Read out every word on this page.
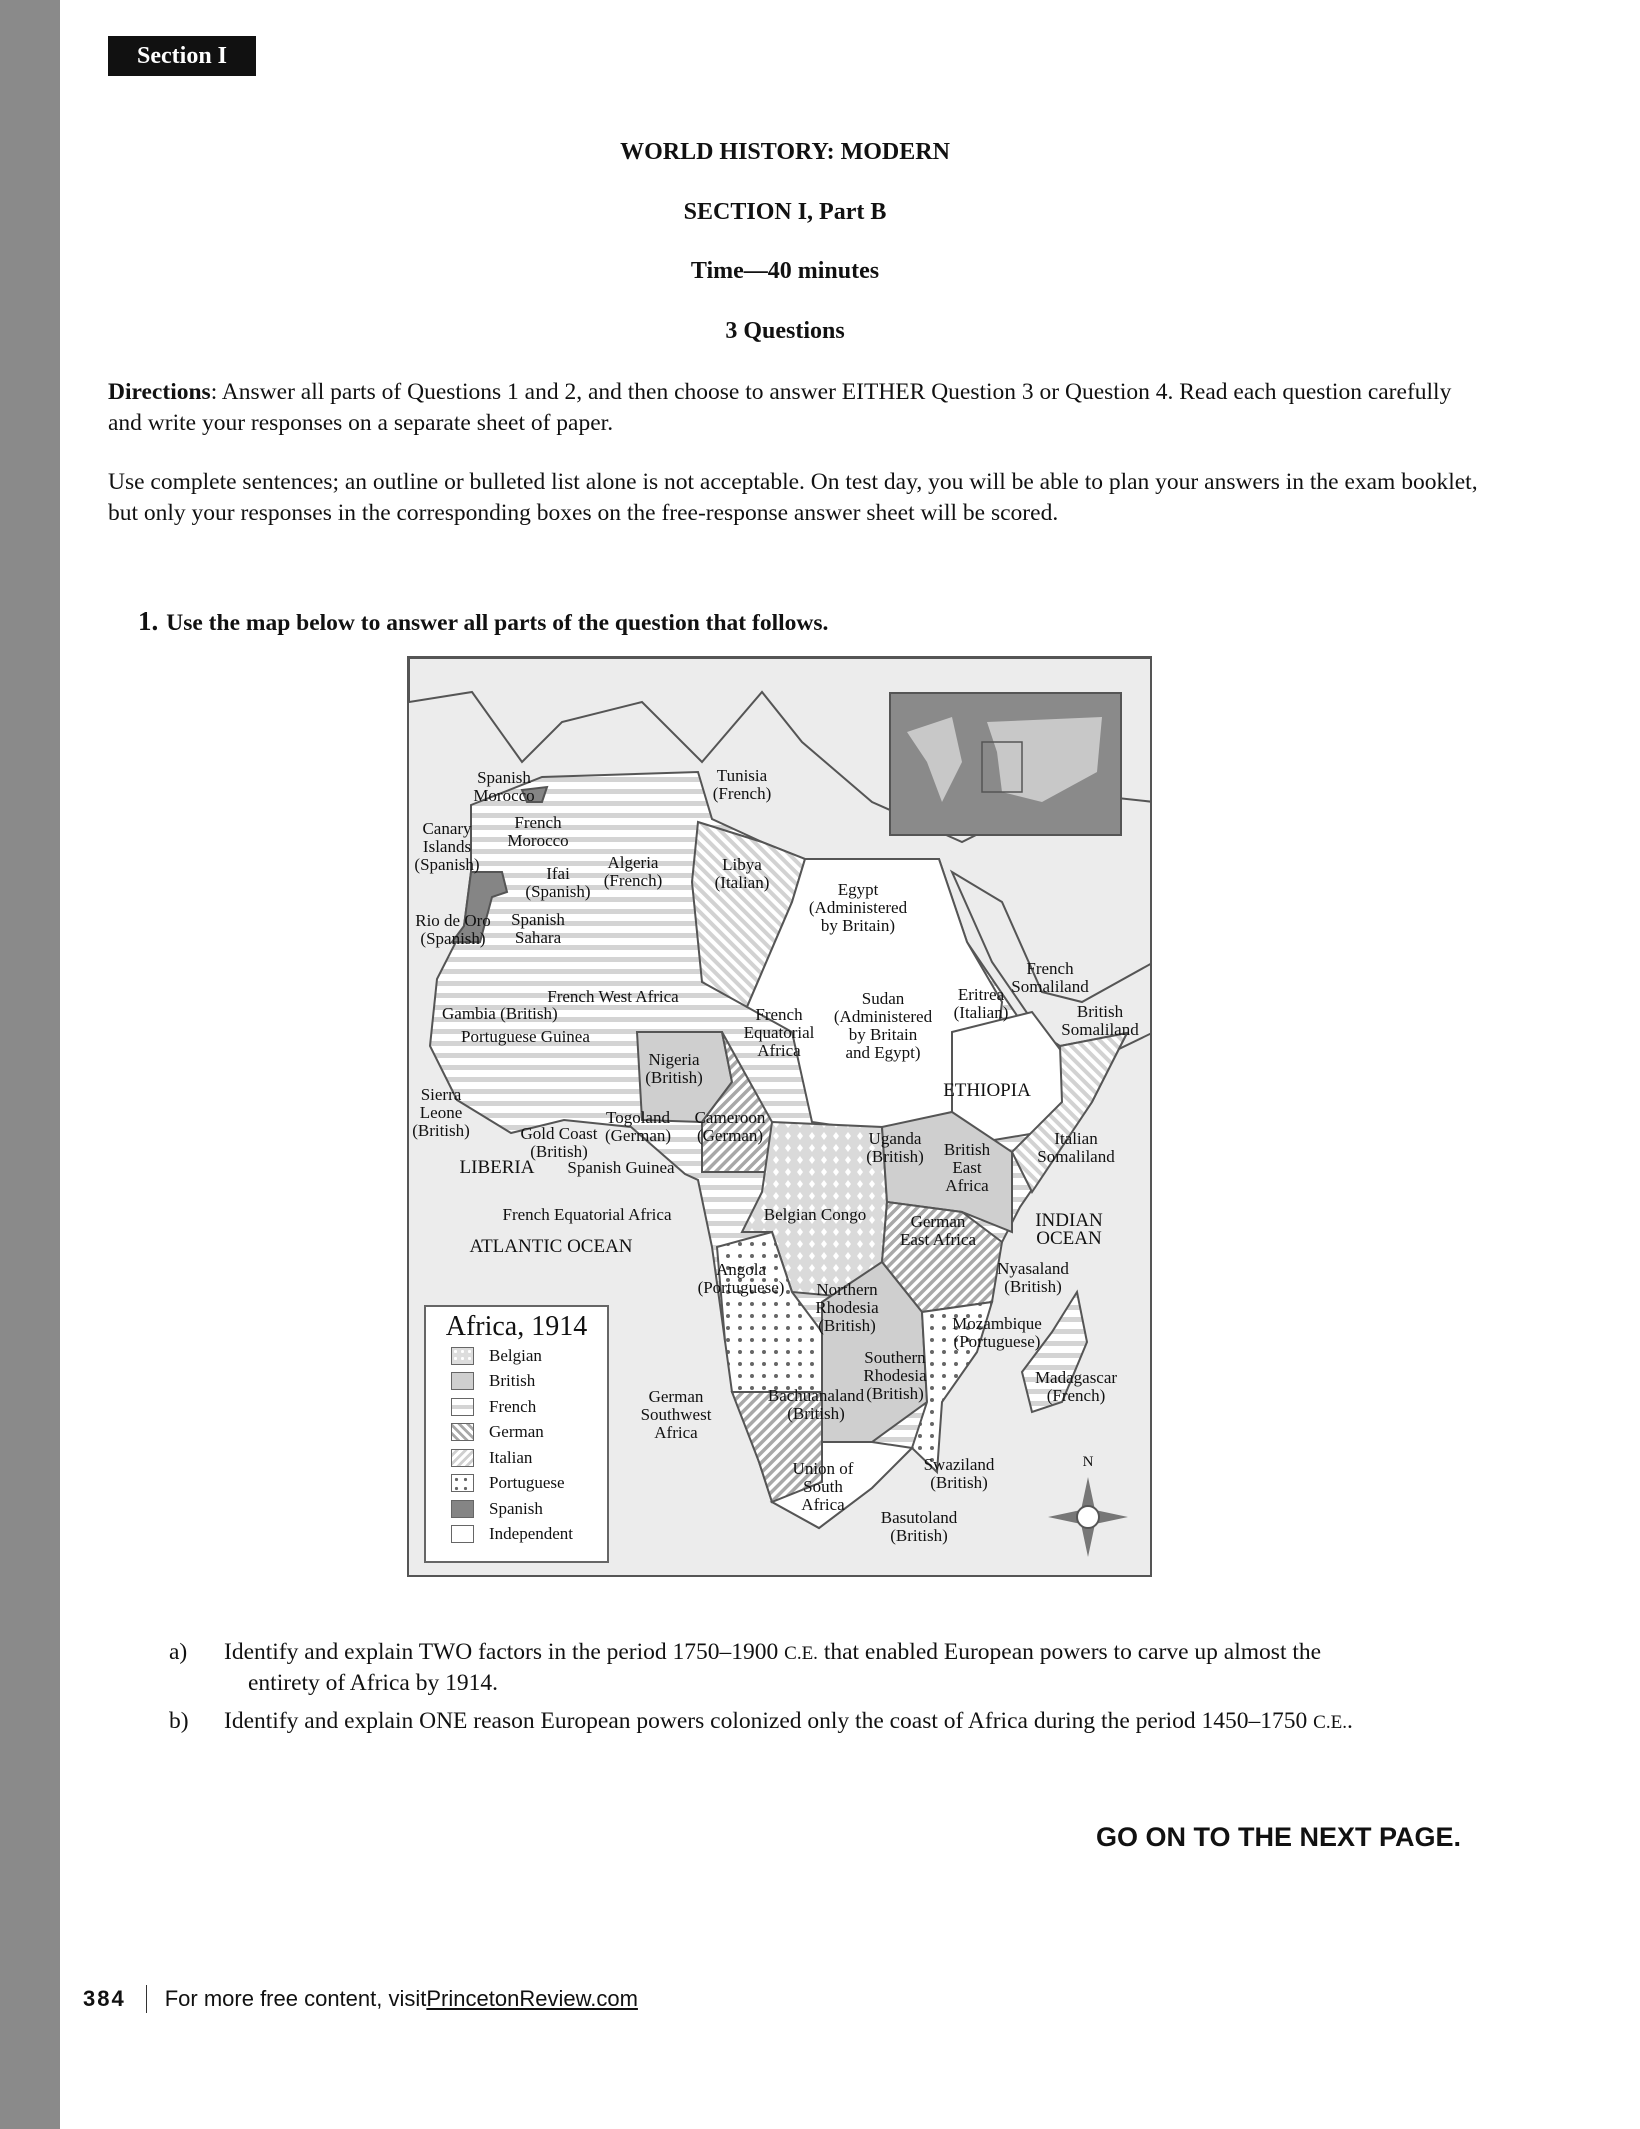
Section I
WORLD HISTORY: MODERN
SECTION I, Part B
Time—40 minutes
3 Questions
Directions: Answer all parts of Questions 1 and 2, and then choose to answer EITHER Question 3 or Question 4. Read each question carefully and write your responses on a separate sheet of paper.
Use complete sentences; an outline or bulleted list alone is not acceptable. On test day, you will be able to plan your answers in the exam booklet, but only your responses in the corresponding boxes on the free-response answer sheet will be scored.
1. Use the map below to answer all parts of the question that follows.
Spanish
Morocco
Tunisia
(French)
Canary
Islands
(Spanish)
French
Morocco
Ifai
(Spanish)
Algeria
(French)
Libya
(Italian)	Egypt
(Administered
by Britain)
Rio de Oro
(Spanish)
Spanish
Sahara
French West Africa
French
Somaliland
Sudan
(Administered
by Britain
and Egypt)
Eritrea
(Italian)	British
Somaliland
French
Equatorial
Africa
Gambia (British)
Portuguese Guinea
Nigeria
(British)
ETHIOPIA
Sierra
Leone
(British)
Togoland
(German)
Cameroon
(German)
Gold Coast
(British)
Uganda
(British) British
East
Africa
Italian Somaliland
LIBERIA Spanish Guinea
French Equatorial Africa	Belgian Congo	German
East Africa
INDIAN OCEAN
ATLANTIC OCEAN
Angola
(Portuguese)
Nyasaland
(British)
Northern
Rhodesia
(British)	Mozambique
(Portuguese)
Southern
Rhodesia
(British)
Madagascar
(French)
German
Southwest
Africa
Bachuanaland
(British)
Swaziland
(British)
Union of
South
Africa
Basutoland
(British)
N
Africa, 1914
Belgian
British
French
German
Italian
Portuguese
Spanish
Independent
a) Identify and explain TWO factors in the period 1750–1900 C.E. that enabled European powers to carve up almost the
entirety of Africa by 1914.
b) Identify and explain ONE reason European powers colonized only the coast of Africa during the period 1450–1750 C.E..
GO ON TO THE NEXT PAGE.
384 For more free content, visit PrincetonReview.com
